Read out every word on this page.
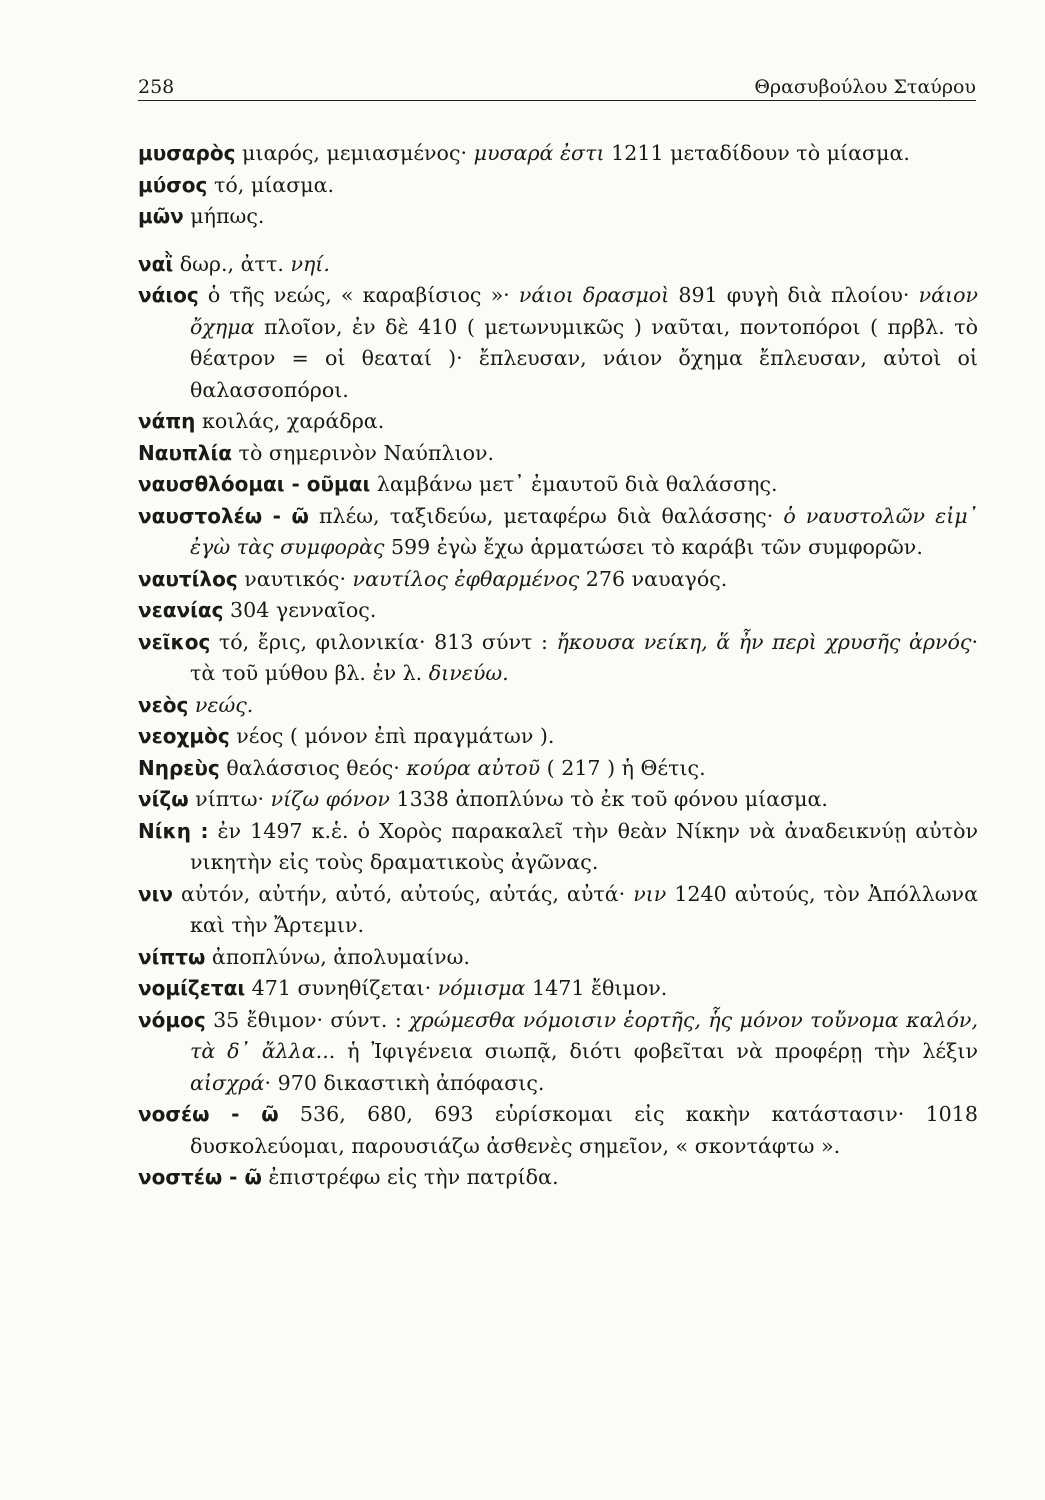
258	Θρασυβούλου Σταύρου

μυσαρὸς μιαρός, μεμιασμένος· μυσαρά ἐστι 1211 μεταδίδουν τὸ μίασμα.

μύσος τό, μίασμα.

μῶν μήπως.

ναῒ δωρ., ἀττ. νηί.

νάιος ὁ τῆς νεώς, « καραβίσιος »· νάιοι δρασμοὶ 891 φυγὴ διὰ πλοίου· νάιον ὄχημα πλοῖον, ἐν δὲ 410 ( μετωνυμικῶς ) ναῦται, ποντοπόροι ( πρβλ. τὸ θέατρον = οἱ θεαταί )· ἔπλευσαν, νάιον ὄχημα ἔπλευσαν, αὐτοὶ οἱ θαλασσοπόροι.

νάπη κοιλάς, χαράδρα.

Ναυπλία τὸ σημερινὸν Ναύπλιον.

ναυσθλόομαι - οῦμαι λαμβάνω μετ᾽ ἐμαυτοῦ διὰ θαλάσσης.

ναυστολέω - ῶ πλέω, ταξιδεύω, μεταφέρω διὰ θαλάσσης· ὁ ναυστολῶν εἰμ᾽ ἐγὼ τὰς συμφορὰς 599 ἐγὼ ἔχω ἁρματώσει τὸ καράβι τῶν συμφορῶν.

ναυτίλος ναυτικός· ναυτίλος ἐφθαρμένος 276 ναυαγός.

νεανίας 304 γενναῖος.

νεῖκος τό, ἔρις, φιλονικία· 813 σύντ : ἤκουσα νείκη, ἅ ἦν περὶ χρυσῆς ἀρνός· τὰ τοῦ μύθου βλ. ἐν λ. δινεύω.

νεὸς νεώς.

νεοχμὸς νέος ( μόνον ἐπὶ πραγμάτων ).

Νηρεὺς θαλάσσιος θεός· κούρα αὐτοῦ ( 217 ) ἡ Θέτις.

νίζω νίπτω· νίζω φόνον 1338 ἀποπλύνω τὸ ἐκ τοῦ φόνου μίασμα.

Νίκη : ἐν 1497 κ.ἑ. ὁ Χορὸς παρακαλεῖ τὴν θεὰν Νίκην νὰ ἀναδεικνύῃ αὐτὸν νικητὴν εἰς τοὺς δραματικοὺς ἀγῶνας.

νιν αὐτόν, αὐτήν, αὐτό, αὐτούς, αὐτάς, αὐτά· νιν 1240 αὐτούς, τὸν Ἀπόλλωνα καὶ τὴν Ἄρτεμιν.

νίπτω ἀποπλύνω, ἀπολυμαίνω.

νομίζεται 471 συνηθίζεται· νόμισμα 1471 ἔθιμον.

νόμος 35 ἔθιμον· σύντ. : χρώμεσθα νόμοισιν ἑορτῆς, ἧς μόνον τοὔνομα καλόν, τὰ δ᾽ ἄλλα... ἡ Ἰφιγένεια σιωπᾷ, διότι φοβεῖται νὰ προφέρῃ τὴν λέξιν αἰσχρά· 970 δικαστικὴ ἀπόφασις.

νοσέω - ῶ 536, 680, 693 εὑρίσκομαι εἰς κακὴν κατάστασιν· 1018 δυσκολεύομαι, παρουσιάζω ἀσθενὲς σημεῖον, « σκοντάφτω ».

νοστέω - ῶ ἐπιστρέφω εἰς τὴν πατρίδα.
